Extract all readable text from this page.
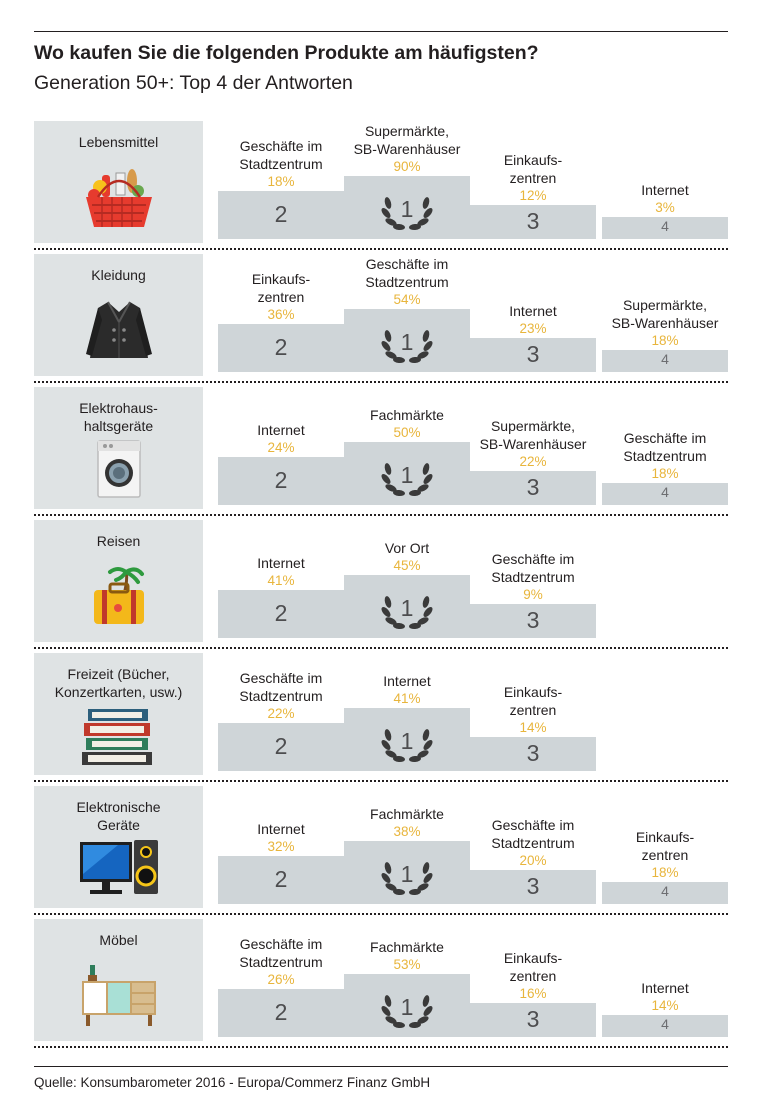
Wo kaufen Sie die folgenden Produkte am häufigsten?
Generation 50+: Top 4 der Antworten
Lebensmittel
2
18%
Geschäfte im
Stadtzentrum
1
90%
Supermärkte,
SB-Warenhäuser
3
12%
Einkaufs-
zentren
4
3%
Internet
Kleidung
2
36%
Einkaufs-
zentren
1
54%
Geschäfte im
Stadtzentrum
3
23%
Internet
4
18%
Supermärkte,
SB-Warenhäuser
Elektrohaus-
haltsgeräte
2
24%
Internet
1
50%
Fachmärkte
3
22%
Supermärkte,
SB-Warenhäuser
4
18%
Geschäfte im
Stadtzentrum
Reisen
2
41%
Internet
1
45%
Vor Ort
3
9%
Geschäfte im
Stadtzentrum
Freizeit (Bücher,
Konzertkarten, usw.)
2
22%
Geschäfte im
Stadtzentrum
1
41%
Internet
3
14%
Einkaufs-
zentren
Elektronische
Geräte
2
32%
Internet
1
38%
Fachmärkte
3
20%
Geschäfte im
Stadtzentrum
4
18%
Einkaufs-
zentren
Möbel
2
26%
Geschäfte im
Stadtzentrum
1
53%
Fachmärkte
3
16%
Einkaufs-
zentren
4
14%
Internet
Quelle: Konsumbarometer 2016 - Europa/Commerz Finanz GmbH
